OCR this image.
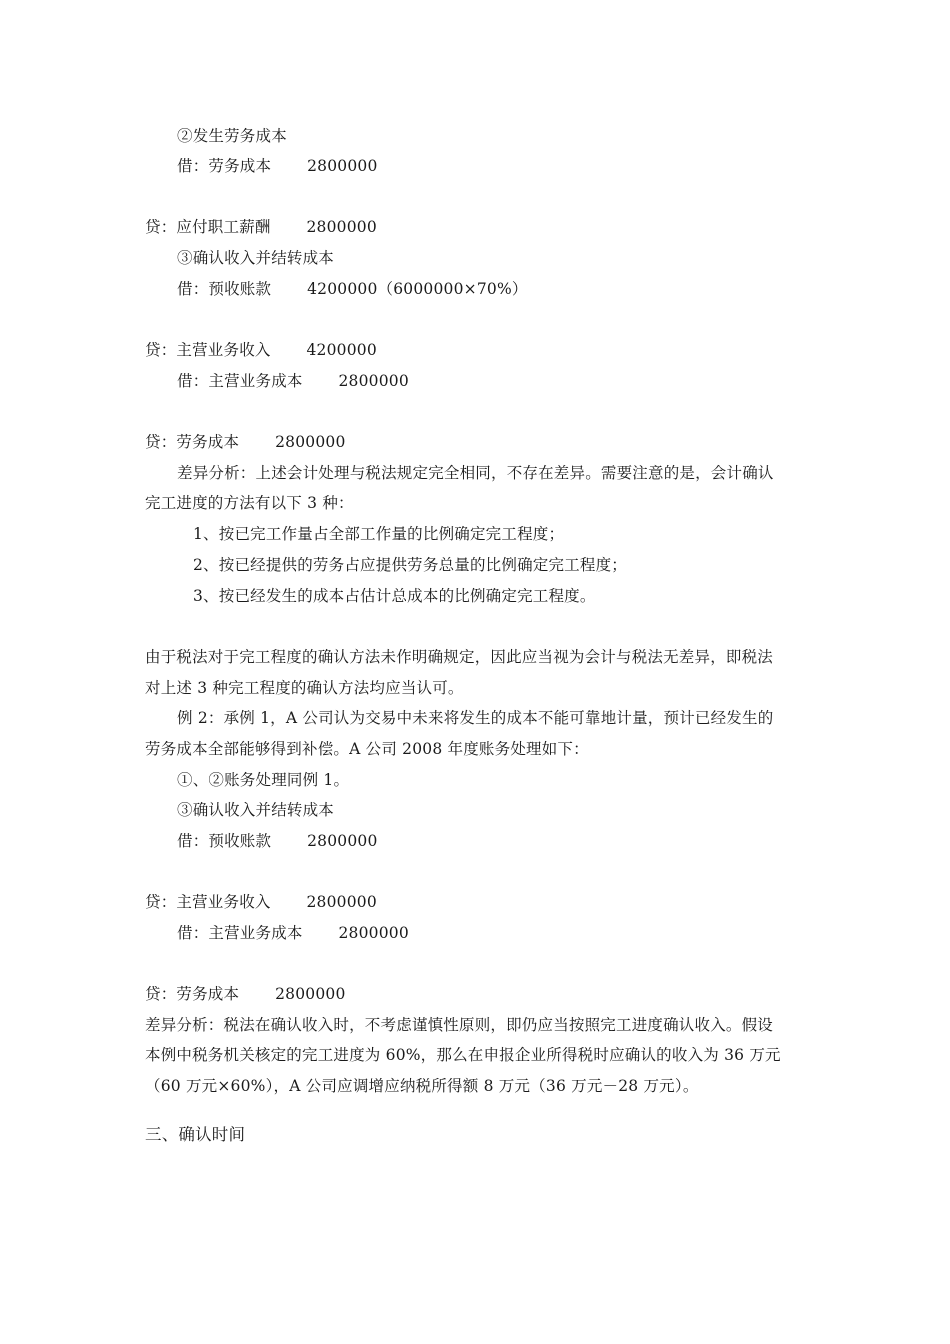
②发生劳务成本
借：劳务成本       2800000
贷：应付职工薪酬       2800000
③确认收入并结转成本
借：预收账款       4200000（6000000×70%）
贷：主营业务收入       4200000
借：主营业务成本       2800000
贷：劳务成本       2800000
差异分析：上述会计处理与税法规定完全相同，不存在差异。需要注意的是，会计确认
完工进度的方法有以下 3 种：
1、按已完工作量占全部工作量的比例确定完工程度；
2、按已经提供的劳务占应提供劳务总量的比例确定完工程度；
3、按已经发生的成本占估计总成本的比例确定完工程度。
由于税法对于完工程度的确认方法未作明确规定，因此应当视为会计与税法无差异，即税法
对上述 3 种完工程度的确认方法均应当认可。
例 2：承例 1，A 公司认为交易中未来将发生的成本不能可靠地计量，预计已经发生的
劳务成本全部能够得到补偿。A 公司 2008 年度账务处理如下：
①、②账务处理同例 1。
③确认收入并结转成本
借：预收账款       2800000
贷：主营业务收入       2800000
借：主营业务成本       2800000
贷：劳务成本       2800000
差异分析：税法在确认收入时，不考虑谨慎性原则，即仍应当按照完工进度确认收入。假设
本例中税务机关核定的完工进度为 60%，那么在申报企业所得税时应确认的收入为 36 万元
（60 万元×60%），A 公司应调增应纳税所得额 8 万元（36 万元－28 万元）。
三、确认时间
